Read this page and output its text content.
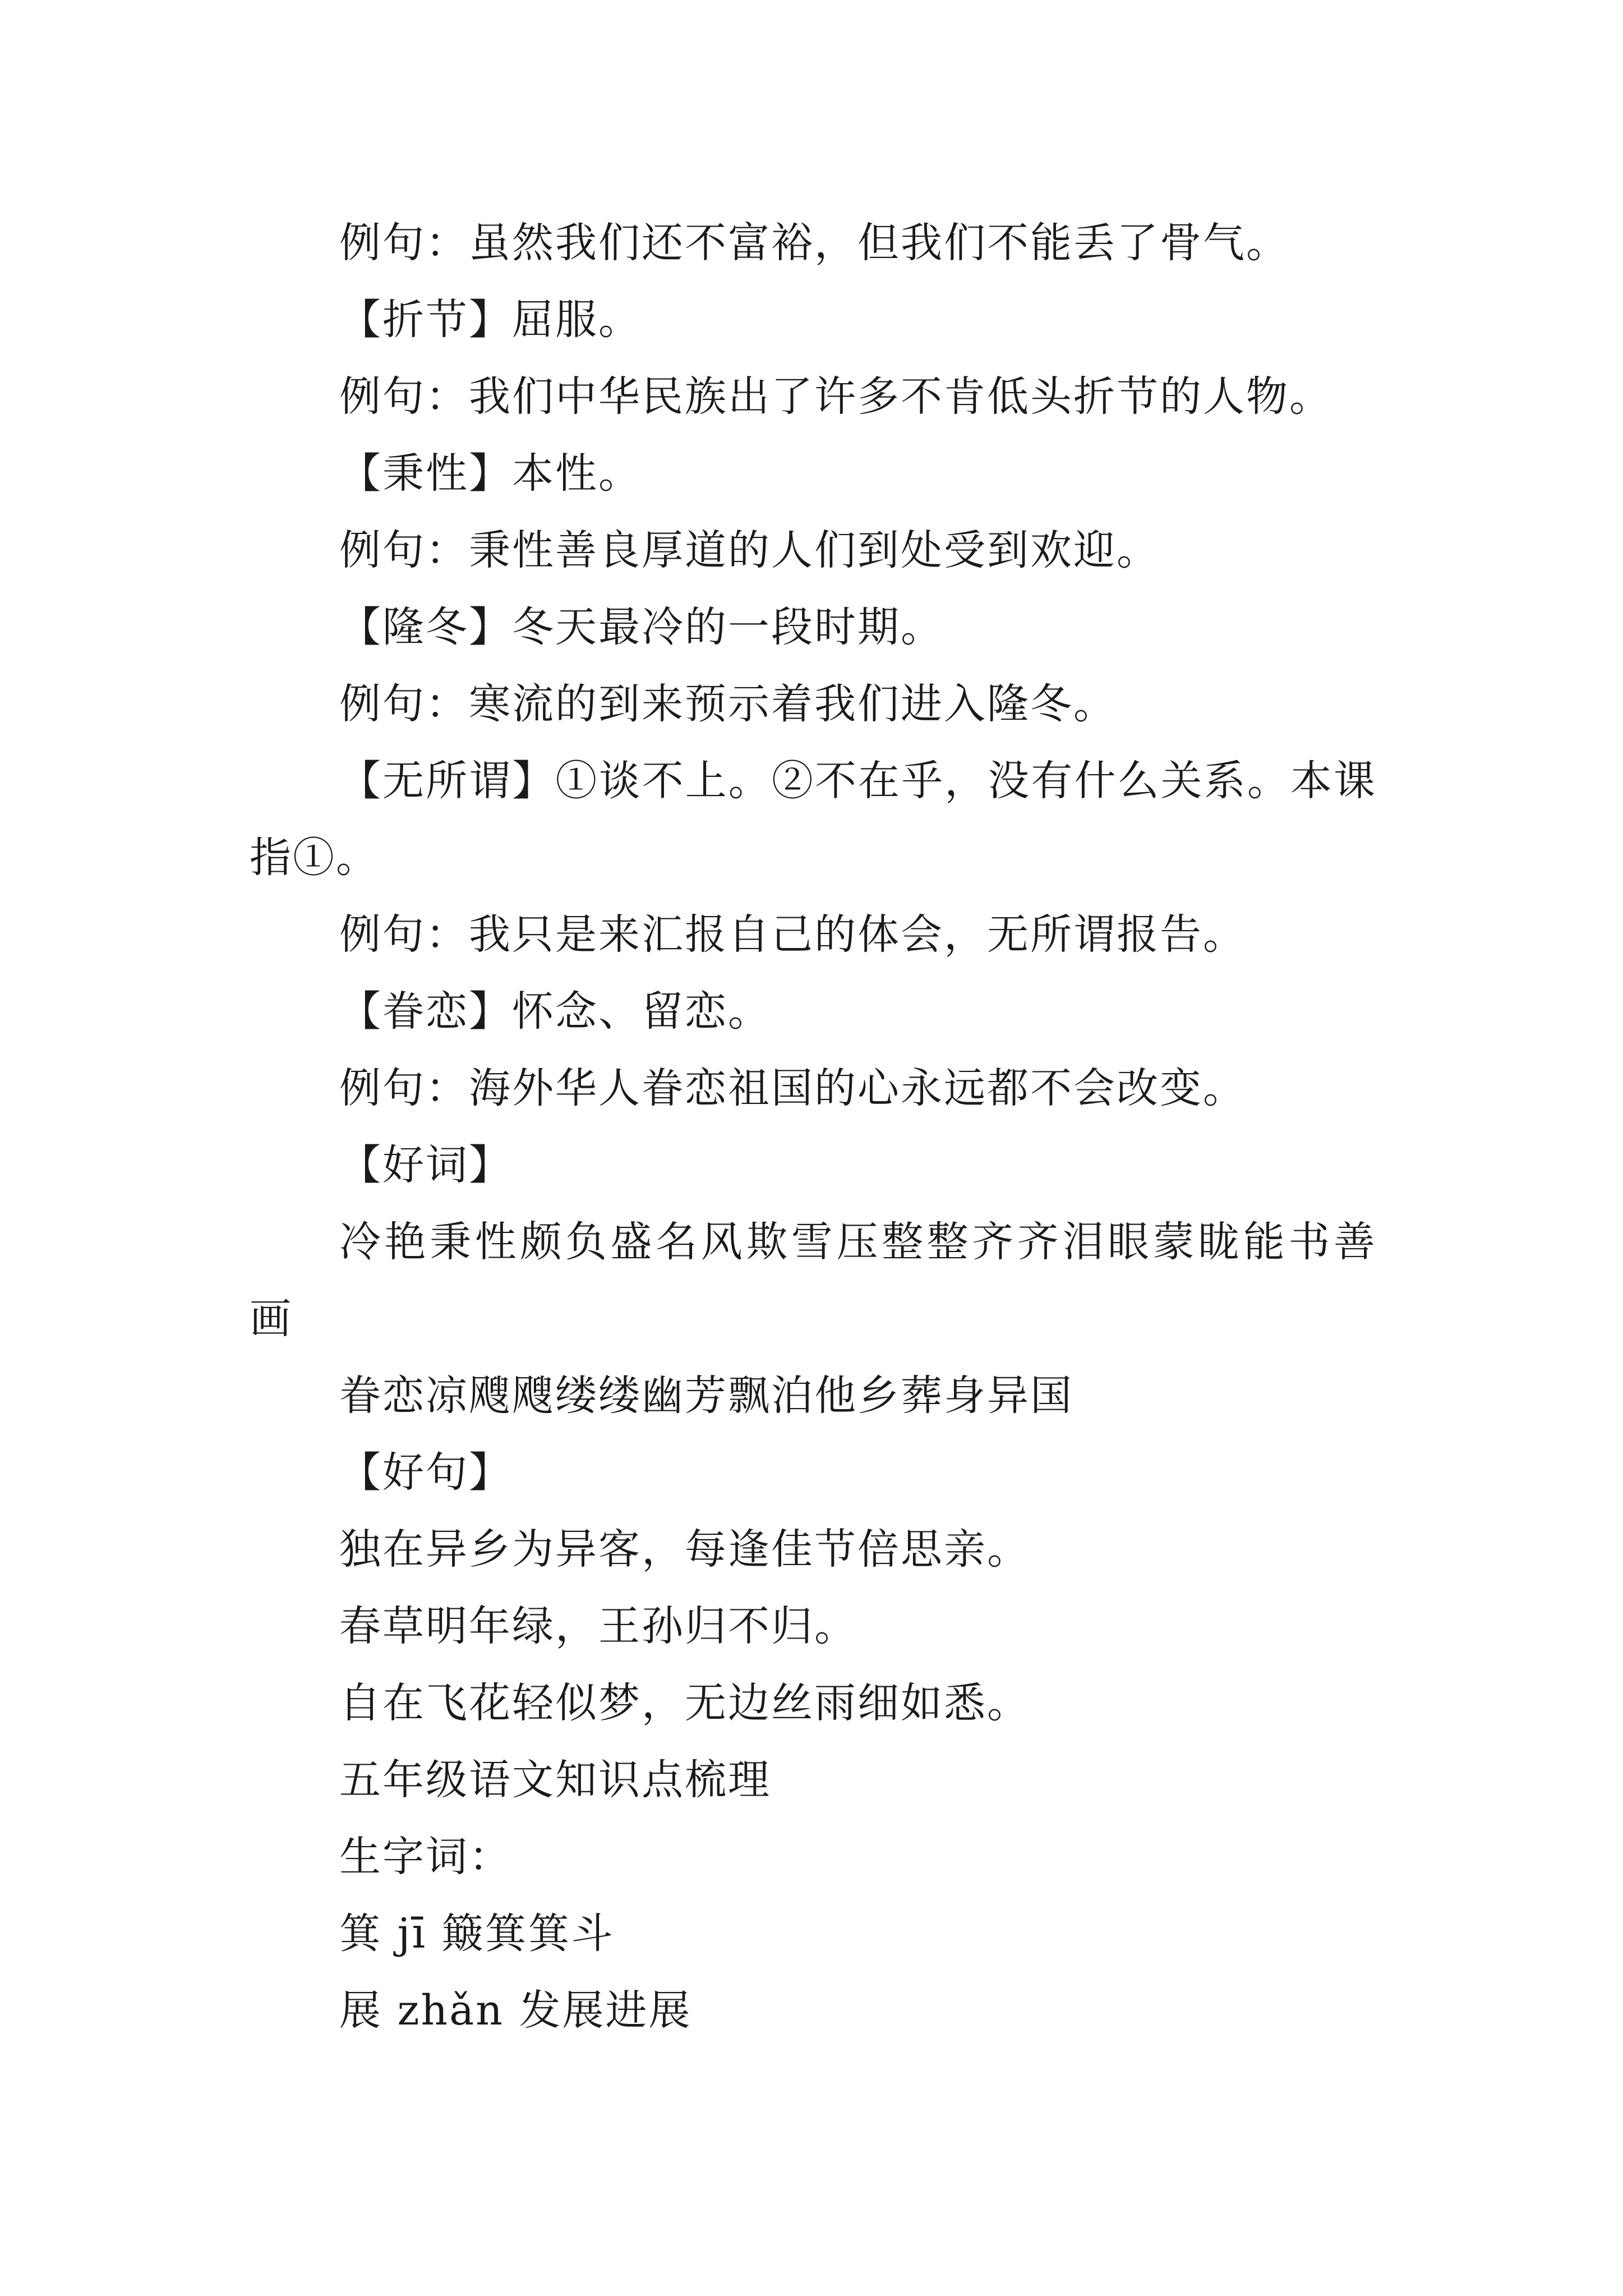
例句：虽然我们还不富裕，但我们不能丢了骨气。
【折节】屈服。
例句：我们中华民族出了许多不肯低头折节的人物。
【秉性】本性。
例句：秉性善良厚道的人们到处受到欢迎。
【隆冬】冬天最冷的一段时期。
例句：寒流的到来预示着我们进入隆冬。
【无所谓】①谈不上。②不在乎，没有什么关系。本课
指①。
例句：我只是来汇报自己的体会，无所谓报告。
【眷恋】怀念、留恋。
例句：海外华人眷恋祖国的心永远都不会改变。
【好词】
冷艳秉性颇负盛名风欺雪压整整齐齐泪眼蒙眬能书善
画
眷恋凉飕飕缕缕幽芳飘泊他乡葬身异国
【好句】
独在异乡为异客，每逢佳节倍思亲。
春草明年绿，王孙归不归。
自在飞花轻似梦，无边丝雨细如悉。
五年级语文知识点梳理
生字词：
箕 jī 簸箕箕斗
展 zhǎn 发展进展
